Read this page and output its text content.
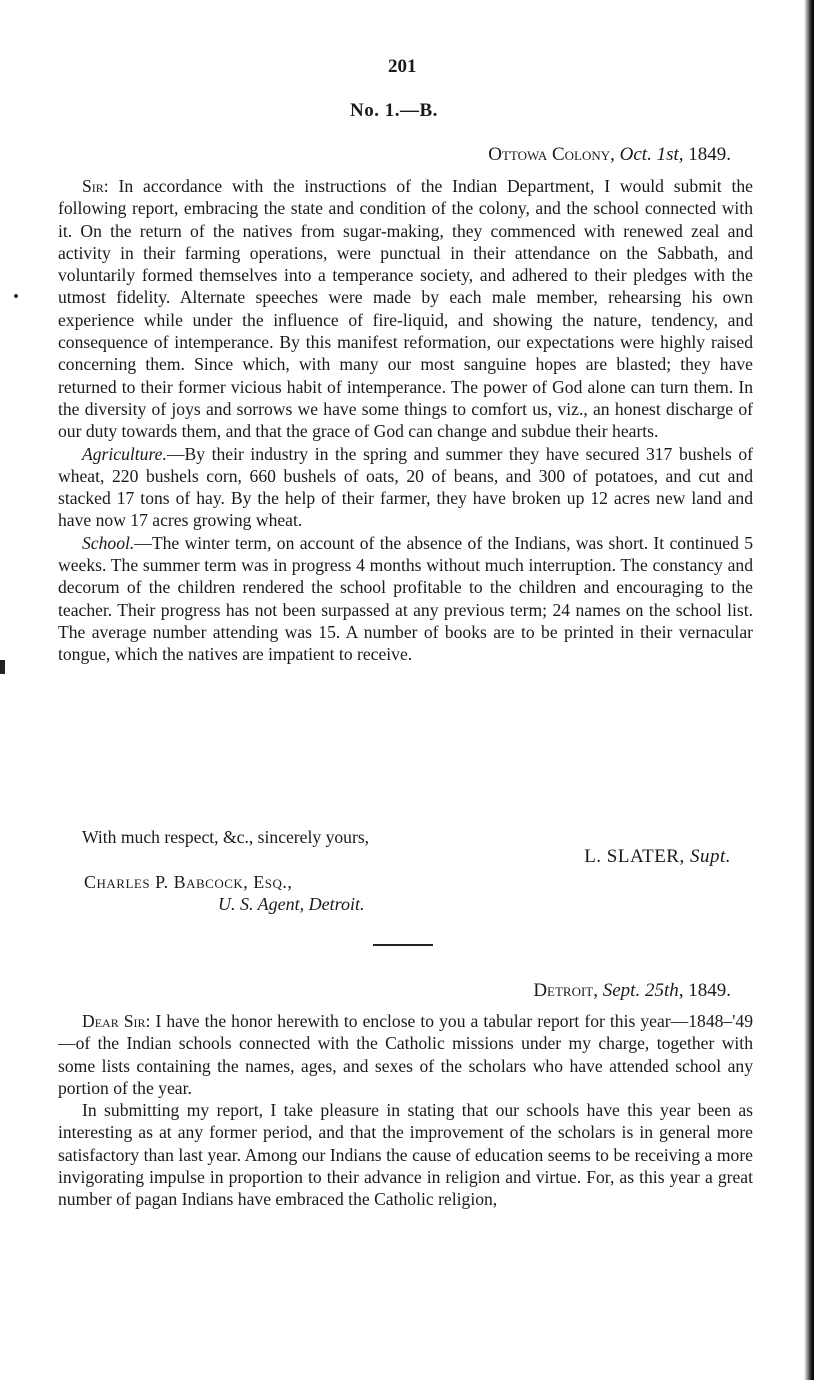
201
No. 1.—B.
Ottowa Colony, Oct. 1st, 1849.

Sir: In accordance with the instructions of the Indian Department, I would submit the following report, embracing the state and condition of the colony, and the school connected with it. On the return of the natives from sugar-making, they commenced with renewed zeal and activity in their farming operations, were punctual in their attendance on the Sabbath, and voluntarily formed themselves into a temperance society, and adhered to their pledges with the utmost fidelity. Alternate speeches were made by each male member, rehearsing his own experience while under the influence of fire-liquid, and showing the nature, tendency, and consequence of intemperance. By this manifest reformation, our expectations were highly raised concerning them. Since which, with many our most sanguine hopes are blasted; they have returned to their former vicious habit of intemperance. The power of God alone can turn them. In the diversity of joys and sorrows we have some things to comfort us, viz., an honest discharge of our duty towards them, and that the grace of God can change and subdue their hearts.

Agriculture.—By their industry in the spring and summer they have secured 317 bushels of wheat, 220 bushels corn, 660 bushels of oats, 20 of beans, and 300 of potatoes, and cut and stacked 17 tons of hay. By the help of their farmer, they have broken up 12 acres new land and have now 17 acres growing wheat.

School.—The winter term, on account of the absence of the Indians, was short. It continued 5 weeks. The summer term was in progress 4 months without much interruption. The constancy and decorum of the children rendered the school profitable to the children and encouraging to the teacher. Their progress has not been surpassed at any previous term; 24 names on the school list. The average number attending was 15. A number of books are to be printed in their vernacular tongue, which the natives are impatient to receive.

With much respect, &c., sincerely yours,
L. SLATER, Supt.
Charles P. Babcock, Esq.,
U. S. Agent, Detroit.
Detroit, Sept. 25th, 1849.

Dear Sir: I have the honor herewith to enclose to you a tabular report for this year—1848–'49—of the Indian schools connected with the Catholic missions under my charge, together with some lists containing the names, ages, and sexes of the scholars who have attended school any portion of the year.

In submitting my report, I take pleasure in stating that our schools have this year been as interesting as at any former period, and that the improvement of the scholars is in general more satisfactory than last year. Among our Indians the cause of education seems to be receiving a more invigorating impulse in proportion to their advance in religion and virtue. For, as this year a great number of pagan Indians have embraced the Catholic religion,
